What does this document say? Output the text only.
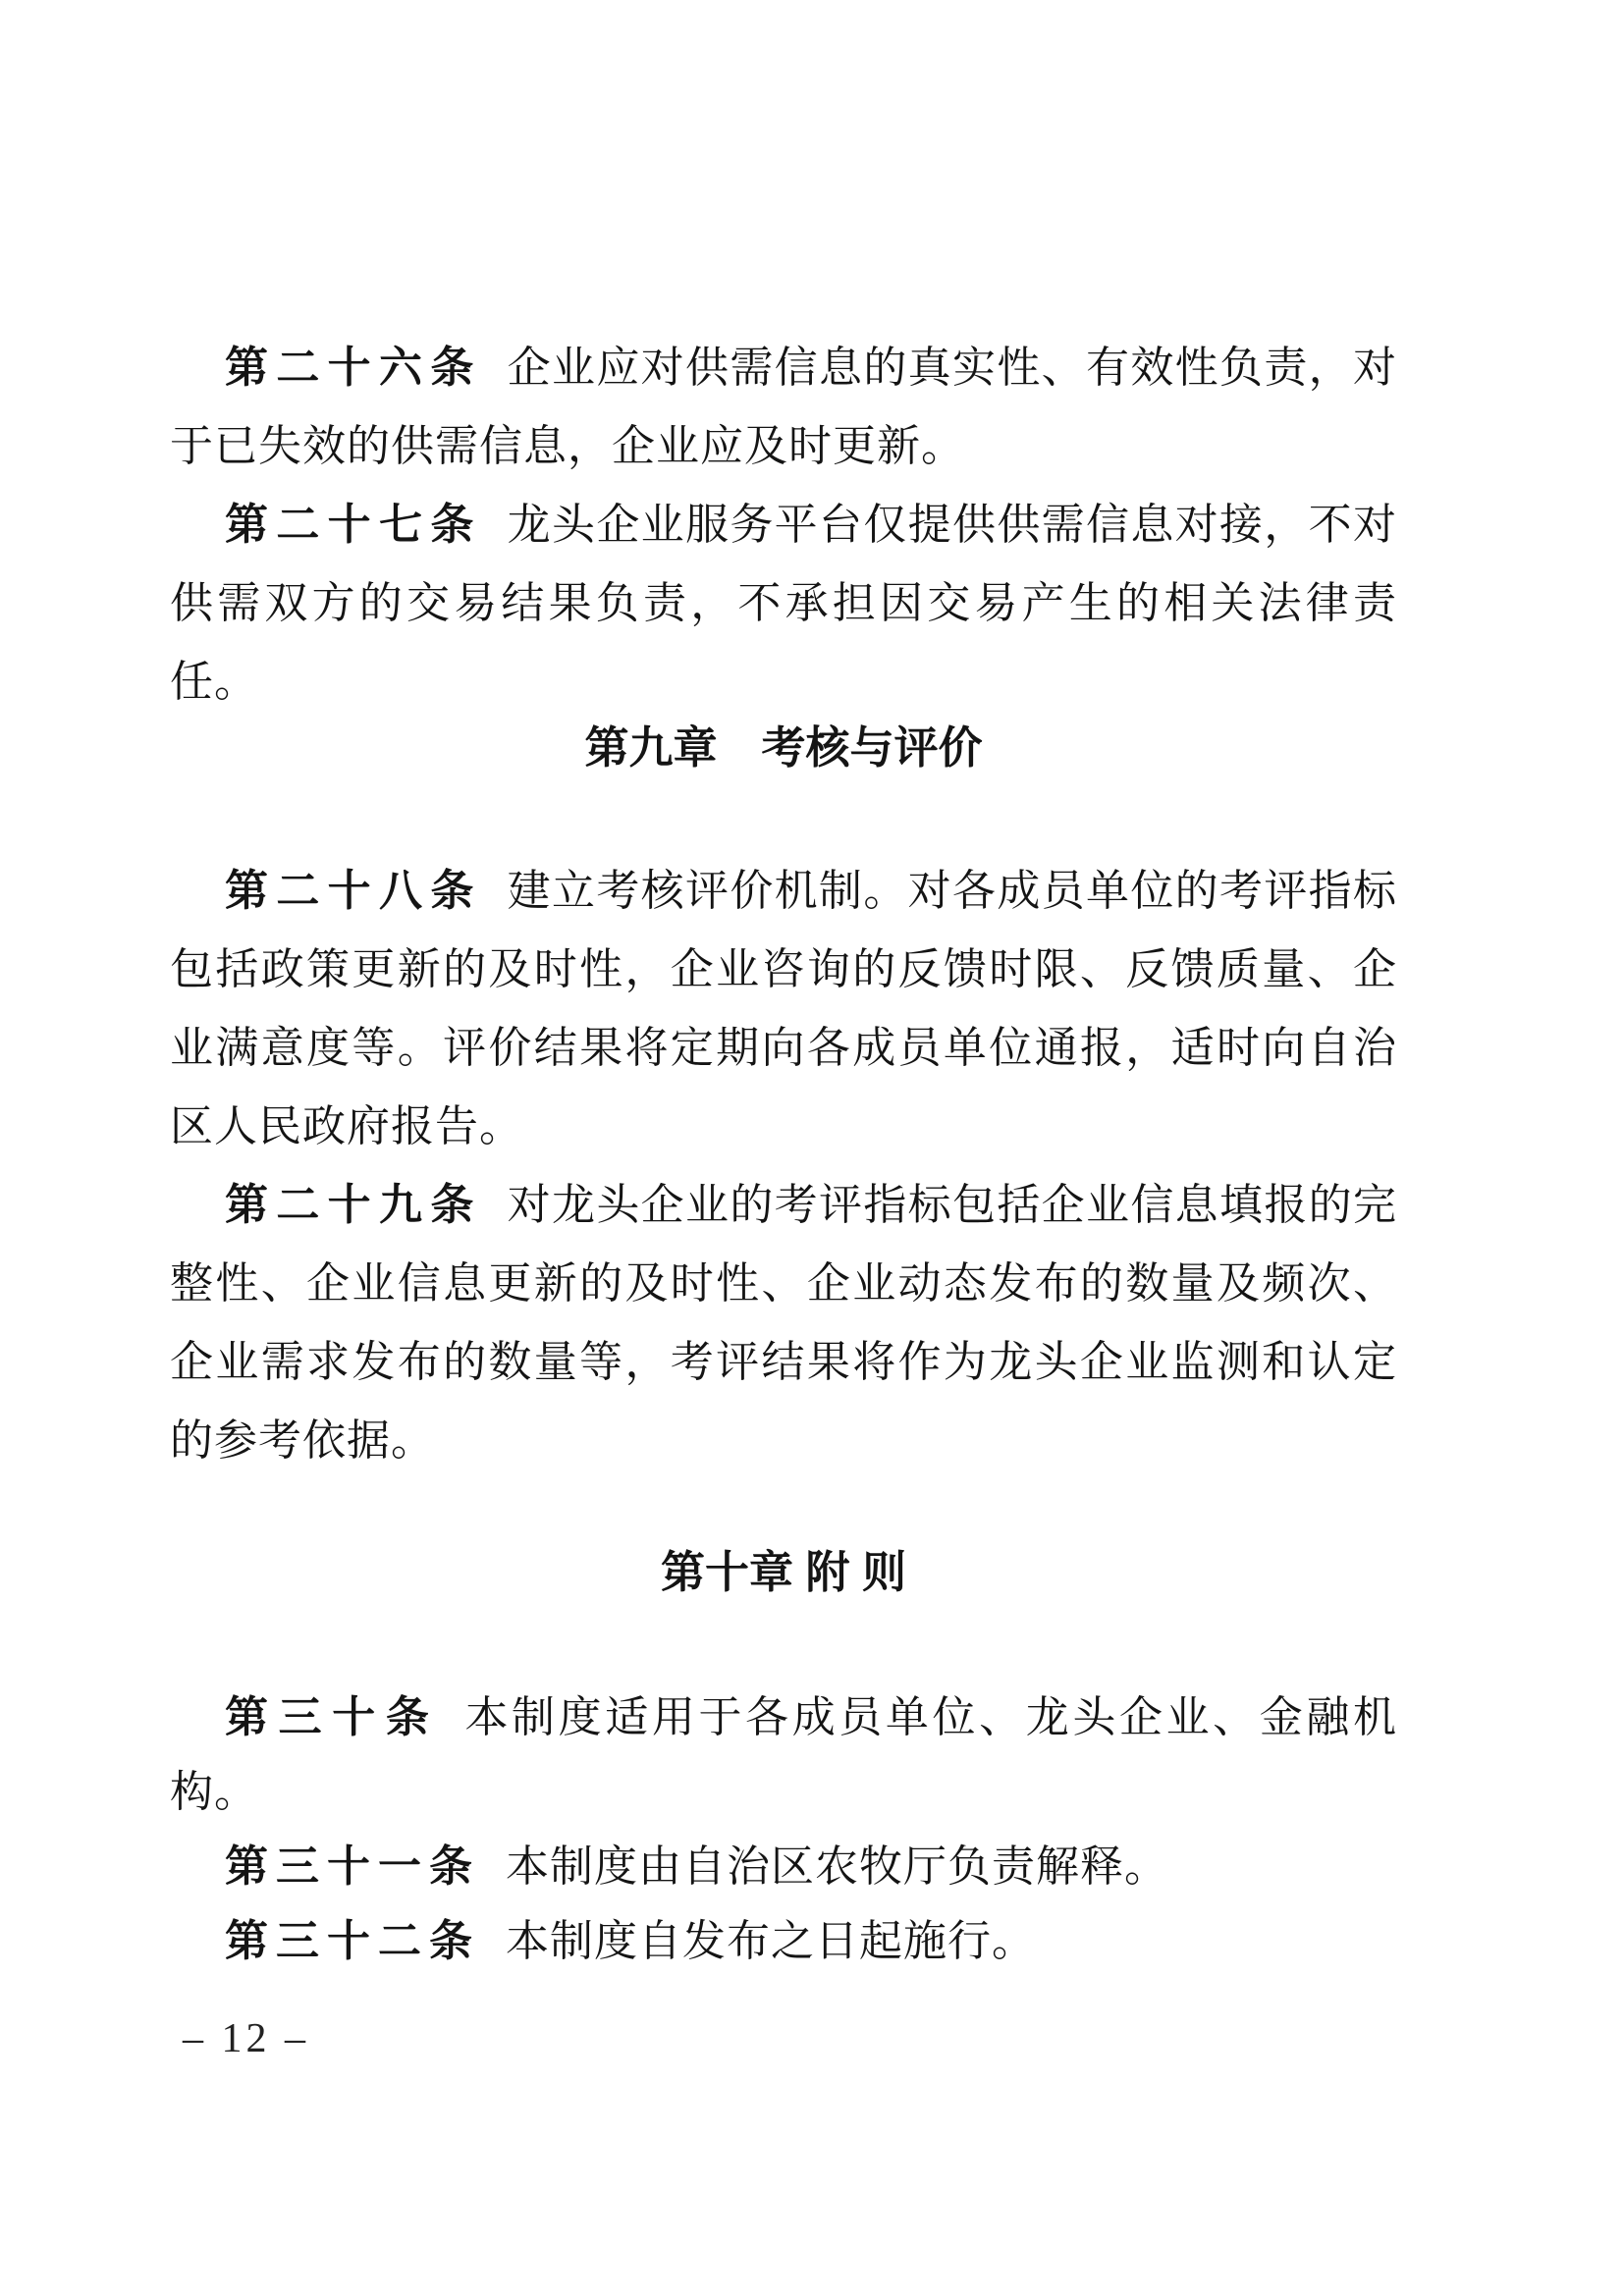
第二十六条 企业应对供需信息的真实性、有效性负责，对于已失效的供需信息，企业应及时更新。

第二十七条 龙头企业服务平台仅提供供需信息对接，不对供需双方的交易结果负责，不承担因交易产生的相关法律责任。

第九章　考核与评价

第二十八条 建立考核评价机制。对各成员单位的考评指标包括政策更新的及时性，企业咨询的反馈时限、反馈质量、企业满意度等。评价结果将定期向各成员单位通报，适时向自治区人民政府报告。

第二十九条 对龙头企业的考评指标包括企业信息填报的完整性、企业信息更新的及时性、企业动态发布的数量及频次、企业需求发布的数量等，考评结果将作为龙头企业监测和认定的参考依据。

第十章 附 则

第三十条 本制度适用于各成员单位、龙头企业、金融机构。

第三十一条 本制度由自治区农牧厅负责解释。

第三十二条 本制度自发布之日起施行。

– 12 –
